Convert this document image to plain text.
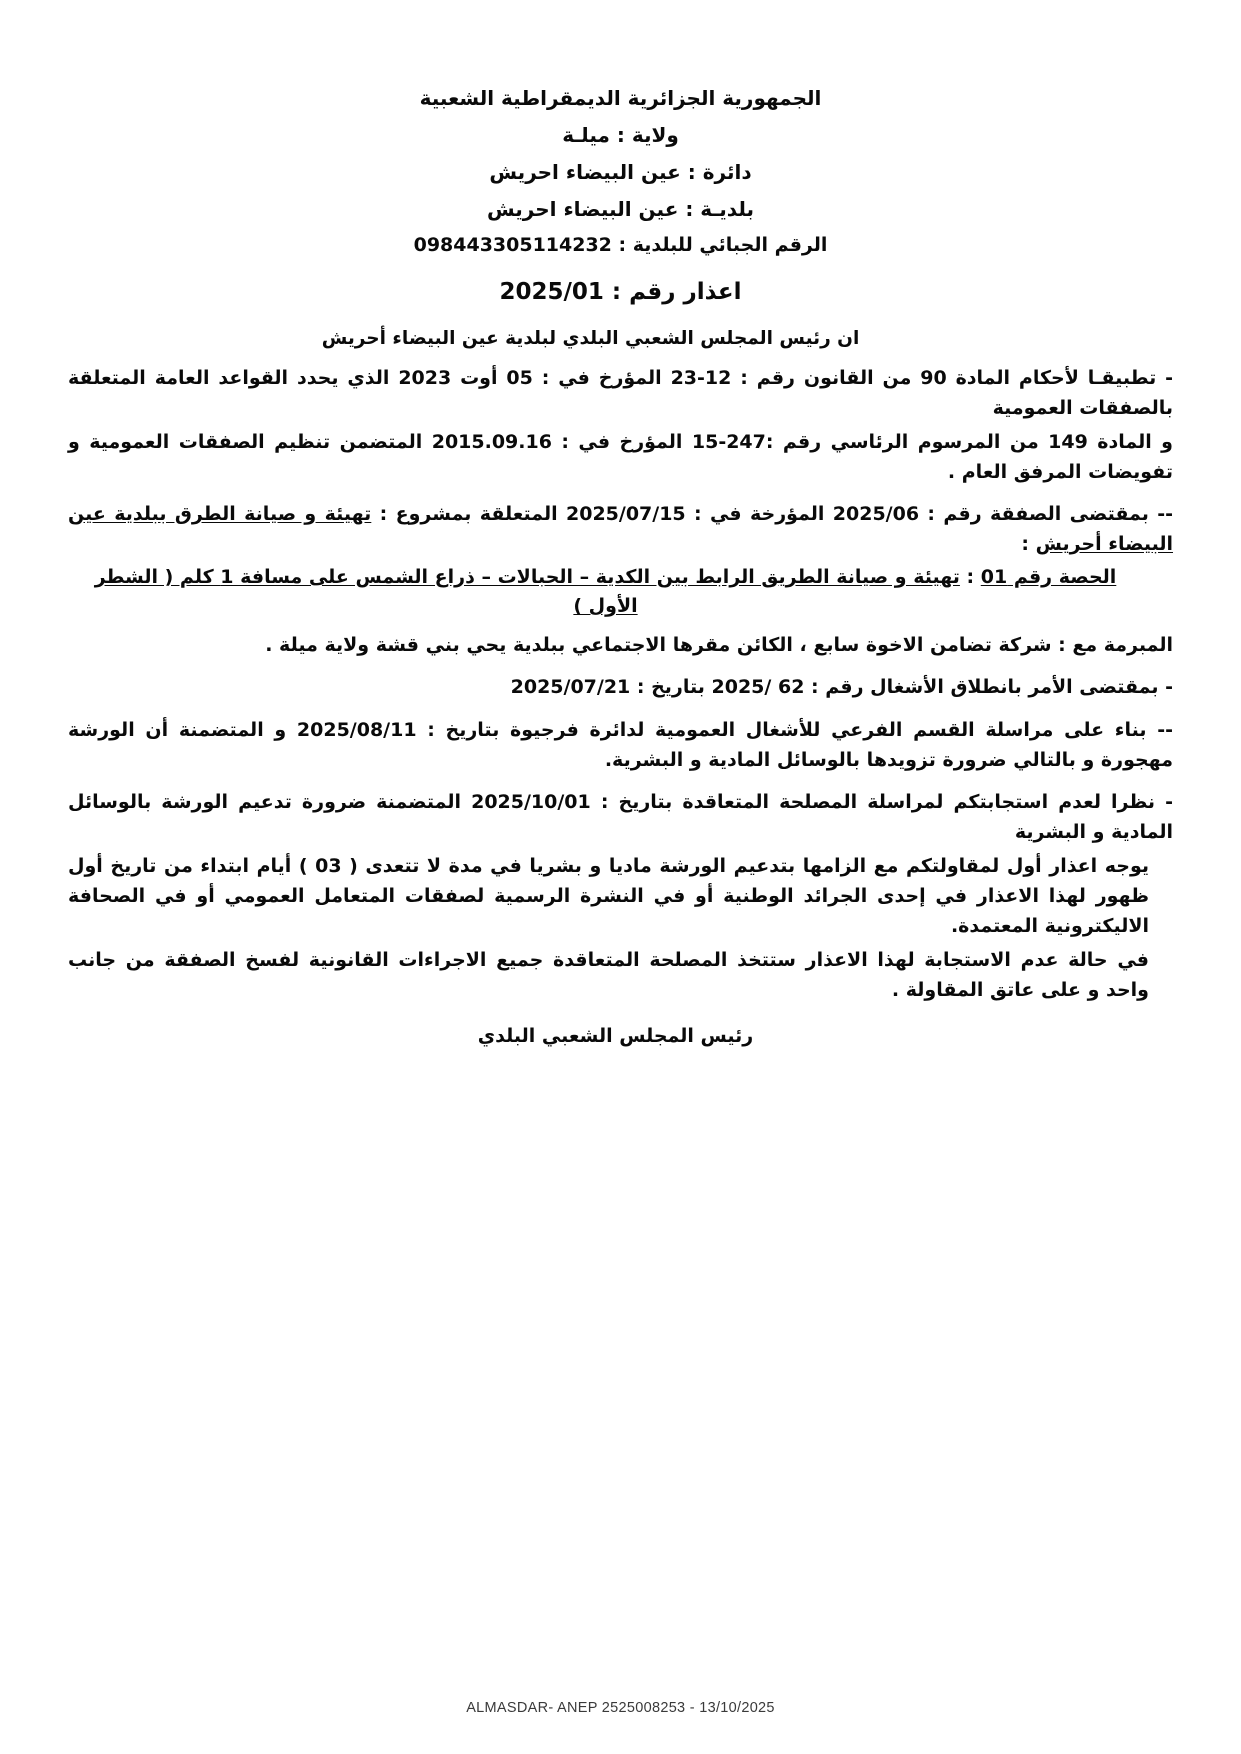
الجمهورية الجزائرية الديمقراطية الشعبية
ولاية : ميلـة
دائرة : عين البيضاء احريش
بلديـة : عين البيضاء احريش
الرقم الجبائي للبلدية : 098443305114232
اعذار رقم : 2025/01
ان رئيس المجلس الشعبي البلدي لبلدية عين البيضاء أحريش

- تطبيقـا لأحكام المادة 90 من القانون رقم : 12-23 المؤرخ في : 05 أوت 2023 الذي يحدد القواعد العامة المتعلقة بالصفقات العمومية

و المادة 149 من المرسوم الرئاسي رقم :247-15 المؤرخ في : 2015.09.16 المتضمن تنظيم الصفقات العمومية و تفويضات المرفق العام .

-- بمقتضى الصفقة رقم : 2025/06 المؤرخة في : 2025/07/15 المتعلقة بمشروع : تهيئة و صيانة الطرق ببلدية عين البيضاء أحريش :

الحصة رقم 01 : تهيئة و صيانة الطريق الرابط بين الكدية – الحبالات – ذراع الشمس على مسافة 1 كلم ( الشطر الأول )

المبرمة مع : شركة تضامن الاخوة سابع ، الكائن مقرها الاجتماعي ببلدية يحي بني قشة ولاية ميلة .

- بمقتضى الأمر بانطلاق الأشغال رقم : 62 /2025 بتاريخ : 2025/07/21

-- بناء على مراسلة القسم الفرعي للأشغال العمومية لدائرة فرجيوة بتاريخ : 2025/08/11 و المتضمنة أن الورشة مهجورة و بالتالي ضرورة تزويدها بالوسائل المادية و البشرية.

- نظرا لعدم استجابتكم لمراسلة المصلحة المتعاقدة بتاريخ : 2025/10/01 المتضمنة ضرورة تدعيم الورشة بالوسائل المادية و البشرية

يوجه اعذار أول لمقاولتكم مع الزامها بتدعيم الورشة ماديا و بشريا في مدة لا تتعدى ( 03 ) أيام ابتداء من تاريخ أول ظهور لهذا الاعذار في إحدى الجرائد الوطنية أو في النشرة الرسمية لصفقات المتعامل العمومي أو في الصحافة الاليكترونية المعتمدة.

في حالة عدم الاستجابة لهذا الاعذار ستتخذ المصلحة المتعاقدة جميع الاجراءات القانونية لفسخ الصفقة من جانب واحد و على عاتق المقاولة .

رئيس المجلس الشعبي البلدي
ALMASDAR- ANEP 2525008253 - 13/10/2025
